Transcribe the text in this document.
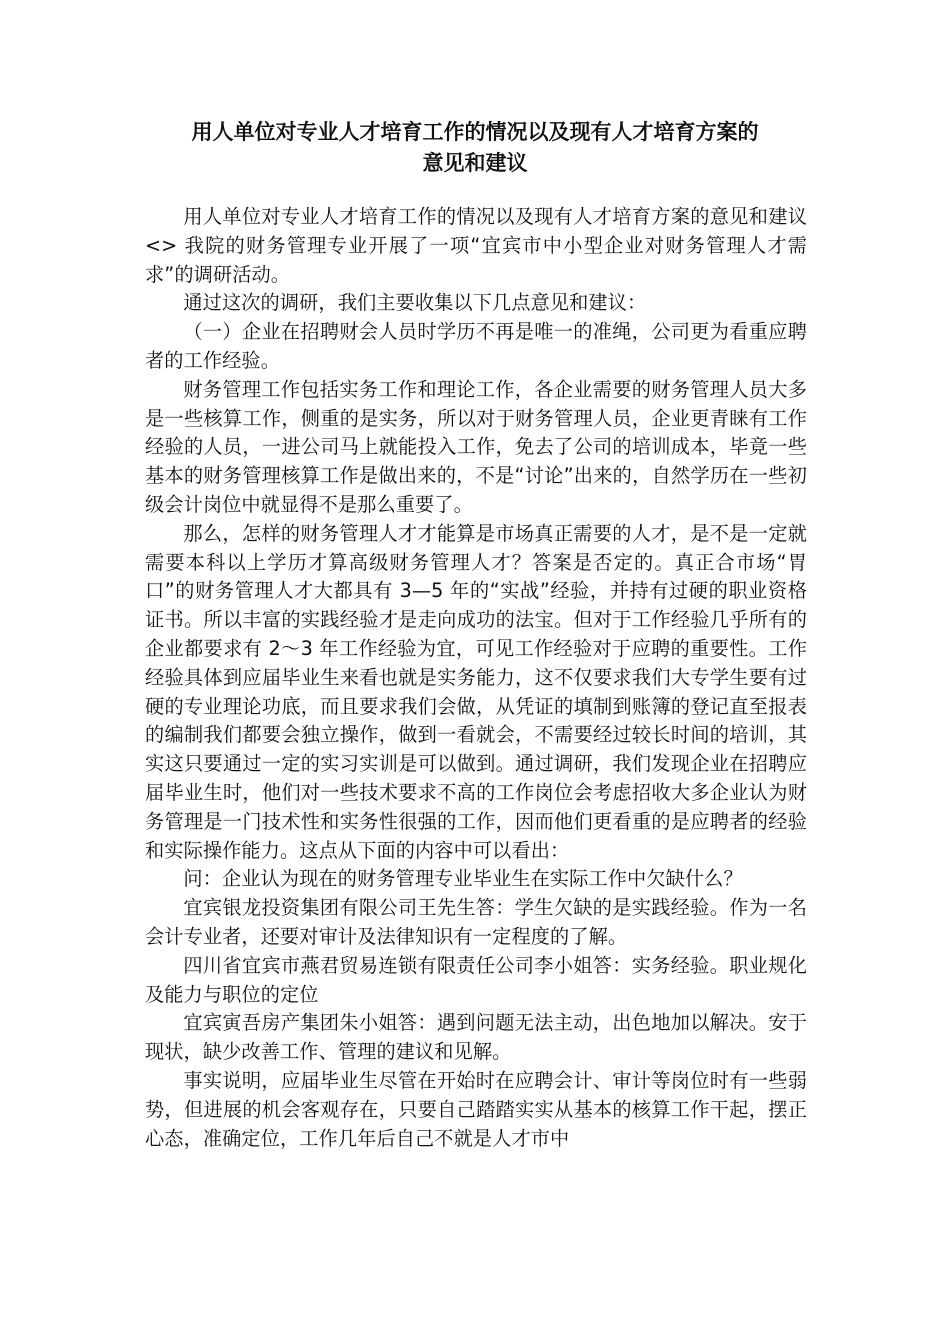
用人单位对专业人才培育工作的情况以及现有人才培育方案的
意见和建议

用人单位对专业人才培育工作的情况以及现有人才培育方案的意见和建议<> 我院的财务管理专业开展了一项“宜宾市中小型企业对财务管理人才需求”的调研活动。

通过这次的调研，我们主要收集以下几点意见和建议：

（一）企业在招聘财会人员时学历不再是唯一的准绳，公司更为看重应聘者的工作经验。

财务管理工作包括实务工作和理论工作，各企业需要的财务管理人员大多是一些核算工作，侧重的是实务，所以对于财务管理人员，企业更青睐有工作经验的人员，一进公司马上就能投入工作，免去了公司的培训成本，毕竟一些基本的财务管理核算工作是做出来的，不是“讨论”出来的，自然学历在一些初级会计岗位中就显得不是那么重要了。

那么，怎样的财务管理人才才能算是市场真正需要的人才，是不是一定就需要本科以上学历才算高级财务管理人才？答案是否定的。真正合市场“胃口”的财务管理人才大都具有 3—5 年的“实战”经验，并持有过硬的职业资格证书。所以丰富的实践经验才是走向成功的法宝。但对于工作经验几乎所有的企业都要求有 2～3 年工作经验为宜，可见工作经验对于应聘的重要性。工作经验具体到应届毕业生来看也就是实务能力，这不仅要求我们大专学生要有过硬的专业理论功底，而且要求我们会做，从凭证的填制到账簿的登记直至报表的编制我们都要会独立操作，做到一看就会，不需要经过较长时间的培训，其实这只要通过一定的实习实训是可以做到。通过调研，我们发现企业在招聘应届毕业生时，他们对一些技术要求不高的工作岗位会考虑招收大多企业认为财务管理是一门技术性和实务性很强的工作，因而他们更看重的是应聘者的经验和实际操作能力。这点从下面的内容中可以看出：

问：企业认为现在的财务管理专业毕业生在实际工作中欠缺什么？

宜宾银龙投资集团有限公司王先生答：学生欠缺的是实践经验。作为一名会计专业者，还要对审计及法律知识有一定程度的了解。

四川省宜宾市燕君贸易连锁有限责任公司李小姐答：实务经验。职业规化及能力与职位的定位

宜宾寅吾房产集团朱小姐答：遇到问题无法主动，出色地加以解决。安于现状，缺少改善工作、管理的建议和见解。

事实说明，应届毕业生尽管在开始时在应聘会计、审计等岗位时有一些弱势，但进展的机会客观存在，只要自己踏踏实实从基本的核算工作干起，摆正心态，准确定位，工作几年后自己不就是人才市中
